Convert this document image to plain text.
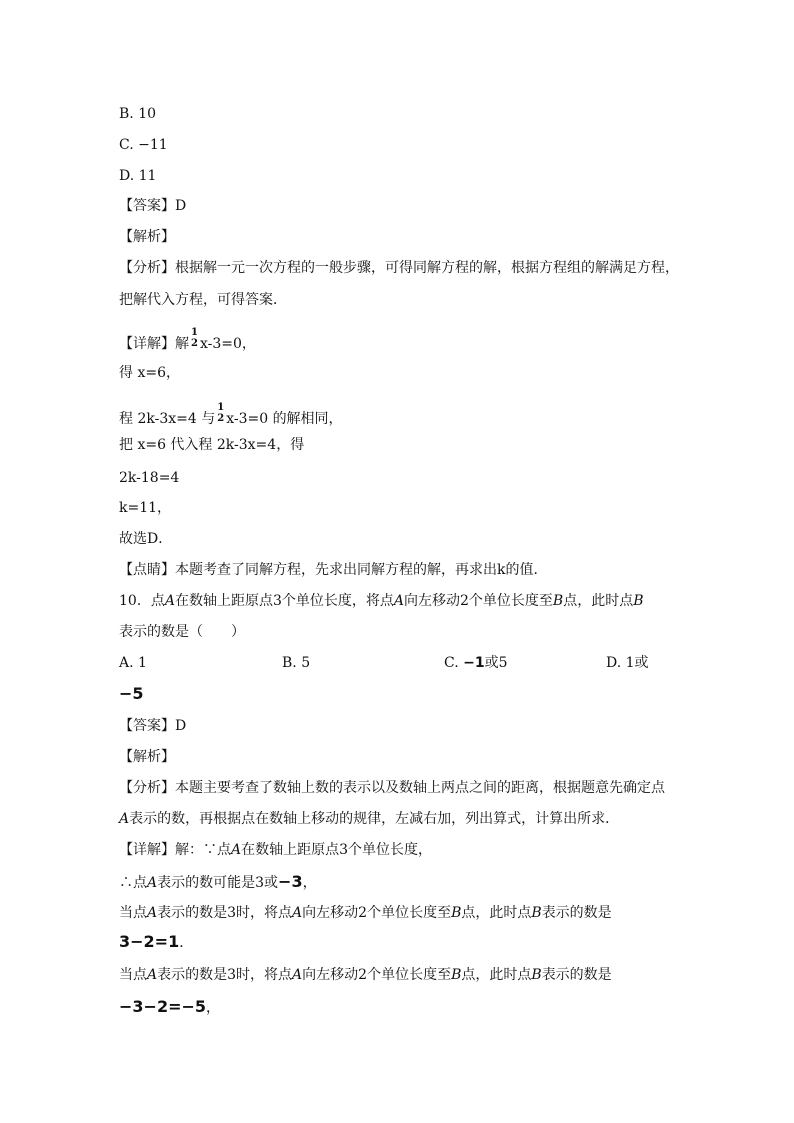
B. 10
C. −11
D. 11
【答案】D
【解析】
【分析】根据解一元一次方程的一般步骤，可得同解方程的解，根据方程组的解满足方程，
把解代入方程，可得答案．
【详解】解
1
2 x-3=0，
得 x=6，
程 2k-3x=4 与
1
2 x-3=0 的解相同，
把 x=6 代入程 2k-3x=4，得
2k-18=4
k=11，
故选D．
【点睛】本题考查了同解方程，先求出同解方程的解，再求出k的值．
10．点A在数轴上距原点3个单位长度，将点A向左移动2个单位长度至B点，此时点B
表示的数是（　　）
A. 1	B. 5	C. −1或5	D. 1或
−5
【答案】D
【解析】
【分析】本题主要考查了数轴上数的表示以及数轴上两点之间的距离，根据题意先确定点
A表示的数，再根据点在数轴上移动的规律，左减右加，列出算式，计算出所求．
【详解】解：∵点A在数轴上距原点3个单位长度，
∴点A表示的数可能是3或−3，
当点A表示的数是3时，将点A向左移动2个单位长度至B点，此时点B表示的数是
3−2=1．
当点A表示的数是3时，将点A向左移动2个单位长度至B点，此时点B表示的数是
−3−2=−5，
